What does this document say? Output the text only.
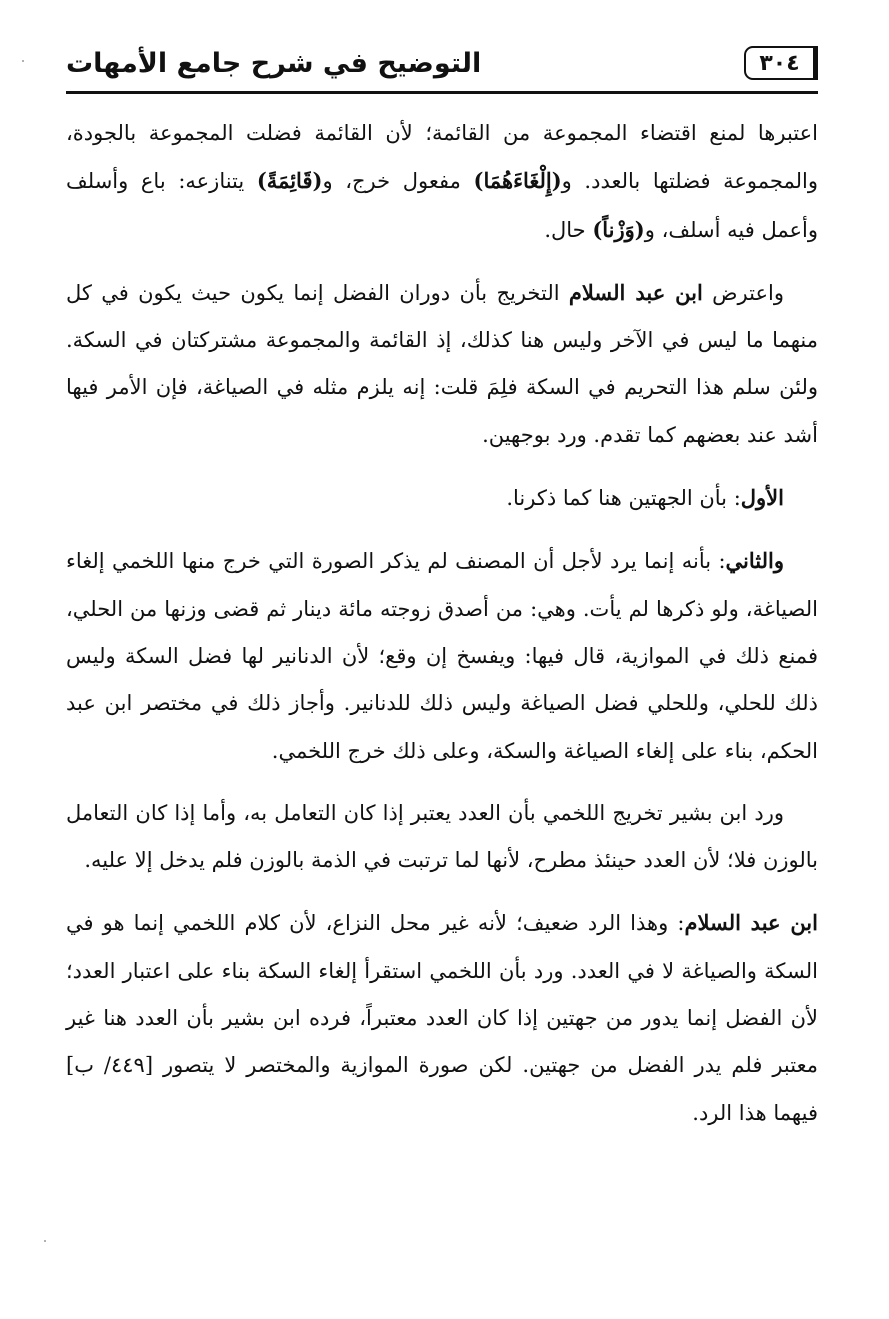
التوضيح في شرح جامع الأمهات	٣٠٤

اعتبرها لمنع اقتضاء المجموعة من القائمة؛ لأن القائمة فضلت المجموعة بالجودة، والمجموعة فضلتها بالعدد. و(إِلْغَاءَهُمَا) مفعول خرج، و(قَائِمَةً) يتنازعه: باع وأسلف وأعمل فيه أسلف، و(وَزْناً) حال.

واعترض ابن عبد السلام التخريج بأن دوران الفضل إنما يكون حيث يكون في كل منهما ما ليس في الآخر وليس هنا كذلك، إذ القائمة والمجموعة مشتركتان في السكة. ولئن سلم هذا التحريم في السكة فلِمَ قلت: إنه يلزم مثله في الصياغة، فإن الأمر فيها أشد عند بعضهم كما تقدم. ورد بوجهين.

الأول: بأن الجهتين هنا كما ذكرنا.

والثاني: بأنه إنما يرد لأجل أن المصنف لم يذكر الصورة التي خرج منها اللخمي إلغاء الصياغة، ولو ذكرها لم يأت. وهي: من أصدق زوجته مائة دينار ثم قضى وزنها من الحلي، فمنع ذلك في الموازية، قال فيها: ويفسخ إن وقع؛ لأن الدنانير لها فضل السكة وليس ذلك للحلي، وللحلي فضل الصياغة وليس ذلك للدنانير. وأجاز ذلك في مختصر ابن عبد الحكم، بناء على إلغاء الصياغة والسكة، وعلى ذلك خرج اللخمي.

ورد ابن بشير تخريج اللخمي بأن العدد يعتبر إذا كان التعامل به، وأما إذا كان التعامل بالوزن فلا؛ لأن العدد حينئذ مطرح، لأنها لما ترتبت في الذمة بالوزن فلم يدخل إلا عليه.

ابن عبد السلام: وهذا الرد ضعيف؛ لأنه غير محل النزاع، لأن كلام اللخمي إنما هو في السكة والصياغة لا في العدد. ورد بأن اللخمي استقرأ إلغاء السكة بناء على اعتبار العدد؛ لأن الفضل إنما يدور من جهتين إذا كان العدد معتبراً، فرده ابن بشير بأن العدد هنا غير معتبر فلم يدر الفضل من جهتين. لكن صورة الموازية والمختصر لا يتصور [٤٤٩/ ب] فيهما هذا الرد.
